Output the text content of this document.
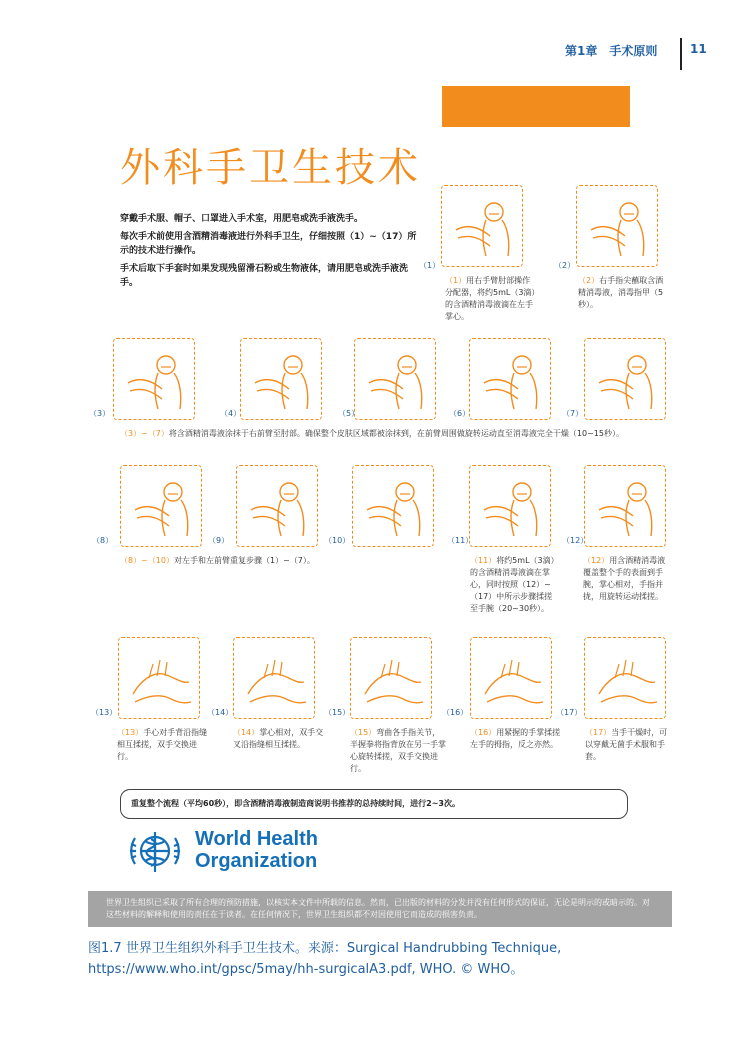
第1章　手术原则	11
外科手卫生技术

穿戴手术服、帽子、口罩进入手术室，用肥皂或洗手液洗手。

每次手术前使用含酒精消毒液进行外科手卫生，仔细按照（1）~（17）所示的技术进行操作。

手术后取下手套时如果发现残留滑石粉或生物液体，请用肥皂或洗手液洗手。

（1）	（2）
（3）	（4）	（5）	（6）	（7）
（8）	（9）	（10）	（11）	（12）
（13）	（14）	（15）	（16）	（17）
（1）用右手臂肘部操作分配器，将约5mL（3滴）的含酒精消毒液滴在左手掌心。
（2）右手指尖蘸取含酒精消毒液，消毒指甲（5秒）。
（3）~（7）将含酒精消毒液涂抹于右前臂至肘部。确保整个皮肤区域都被涂抹到，在前臂周围做旋转运动直至消毒液完全干燥（10~15秒）。
（8）~（10）对左手和左前臂重复步骤（1）~（7）。	（11）将约5mL（3滴）的含酒精消毒液滴在掌心，同时按照（12）~（17）中所示步骤揉搓至手腕（20~30秒）。
（12）用含酒精消毒液覆盖整个手的表面到手腕，掌心相对，手指并拢，用旋转运动揉搓。
（13）手心对手背沿指缝相互揉搓，双手交换进行。
（14）掌心相对，双手交叉沿指缝相互揉搓。
（15）弯曲各手指关节，半握拳将指背放在另一手掌心旋转揉搓，双手交换进行。
（16）用紧握的手掌揉搓左手的拇指，反之亦然。
（17）当手干燥时，可以穿戴无菌手术服和手套。
重复整个流程（平均60秒），即含酒精消毒液制造商说明书推荐的总持续时间，进行2~3次。
World Health
Organization
世界卫生组织已采取了所有合理的预防措施，以核实本文件中所载的信息。然而，已出版的材料的分发并没有任何形式的保证，无论是明示的或暗示的。对这些材料的解释和使用的责任在于读者。在任何情况下，世界卫生组织都不对因使用它而造成的损害负责。
图1.7 世界卫生组织外科手卫生技术。来源：Surgical Handrubbing Technique, https://www.who.int/gpsc/5may/hh-surgicalA3.pdf, WHO. © WHO。
